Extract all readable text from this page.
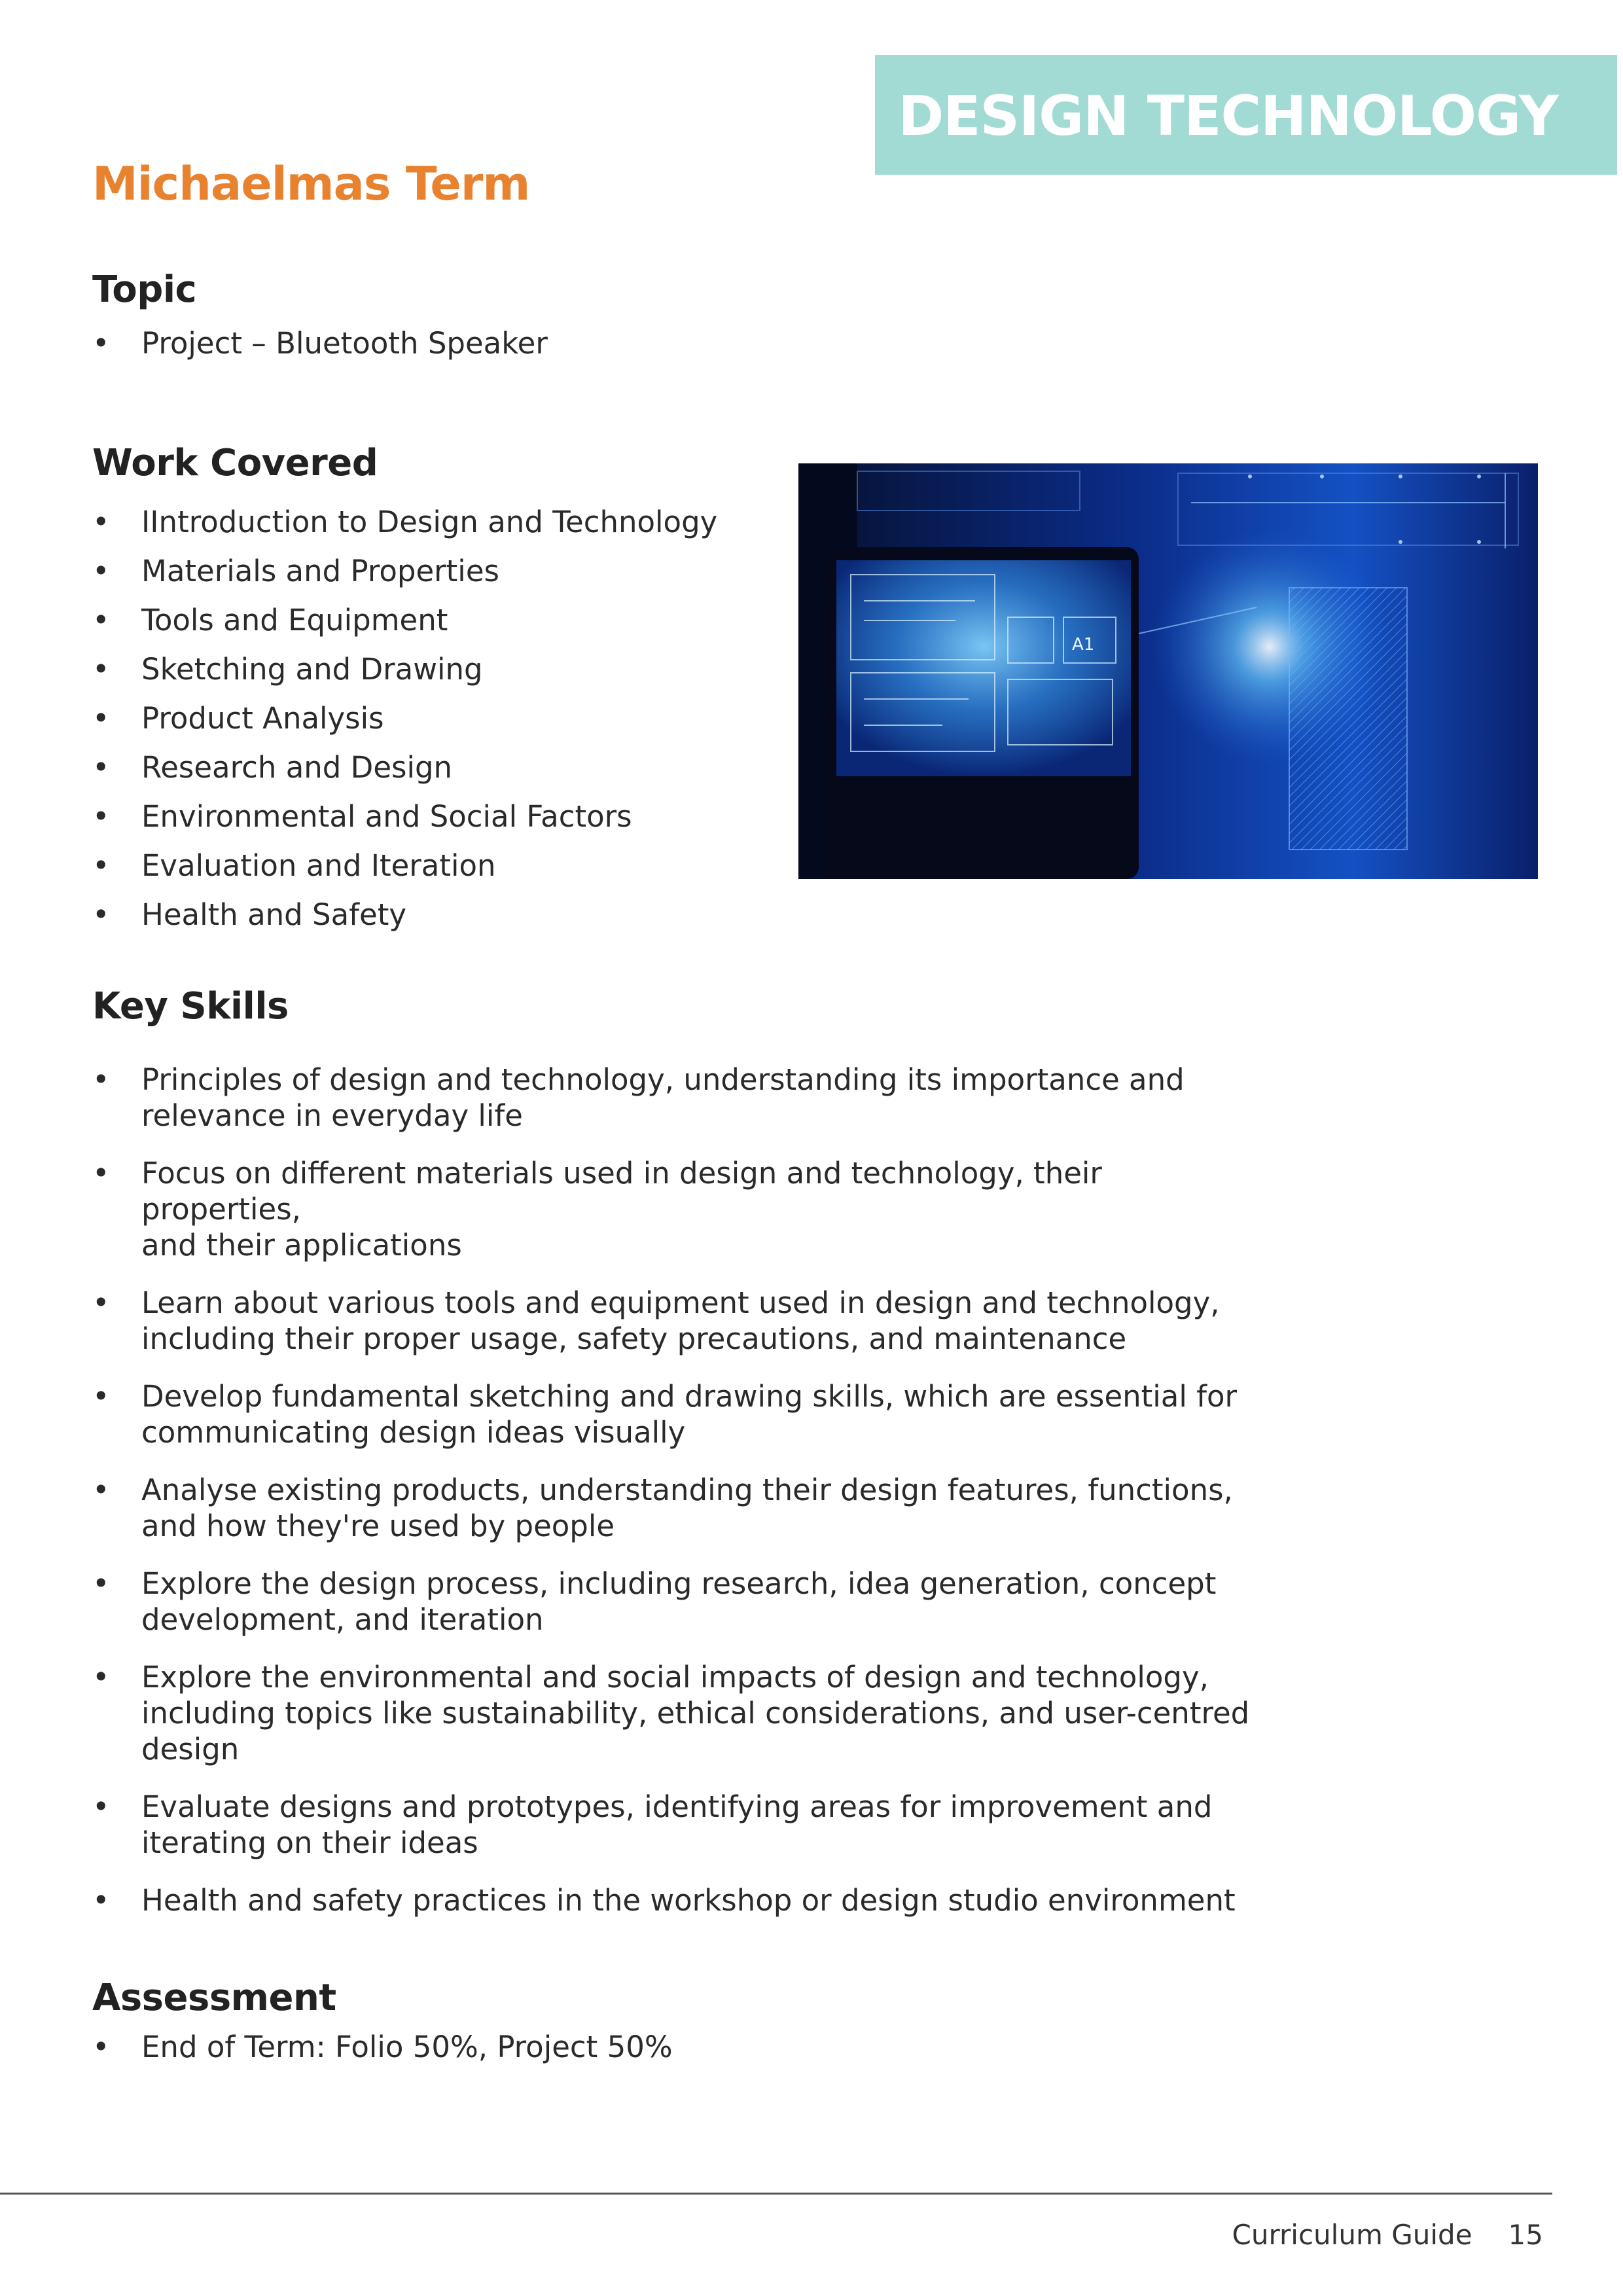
DESIGN TECHNOLOGY
Michaelmas Term
Topic
• Project – Bluetooth Speaker
Work Covered
• IIntroduction to Design and Technology
• Materials and Properties
• Tools and Equipment
• Sketching and Drawing
• Product Analysis
• Research and Design
• Environmental and Social Factors
• Evaluation and Iteration
• Health and Safety
A1
Key Skills
• Principles of design and technology, understanding its importance and
relevance in everyday life
• Focus on different materials used in design and technology, their properties,
and their applications
• Learn about various tools and equipment used in design and technology,
including their proper usage, safety precautions, and maintenance
• Develop fundamental sketching and drawing skills, which are essential for
communicating design ideas visually
• Analyse existing products, understanding their design features, functions,
and how they're used by people
• Explore the design process, including research, idea generation, concept
development, and iteration
• Explore the environmental and social impacts of design and technology,
including topics like sustainability, ethical considerations, and user-centred
design
• Evaluate designs and prototypes, identifying areas for improvement and
iterating on their ideas
• Health and safety practices in the workshop or design studio environment
Assessment
• End of Term: Folio 50%, Project 50%
Curriculum Guide 15
